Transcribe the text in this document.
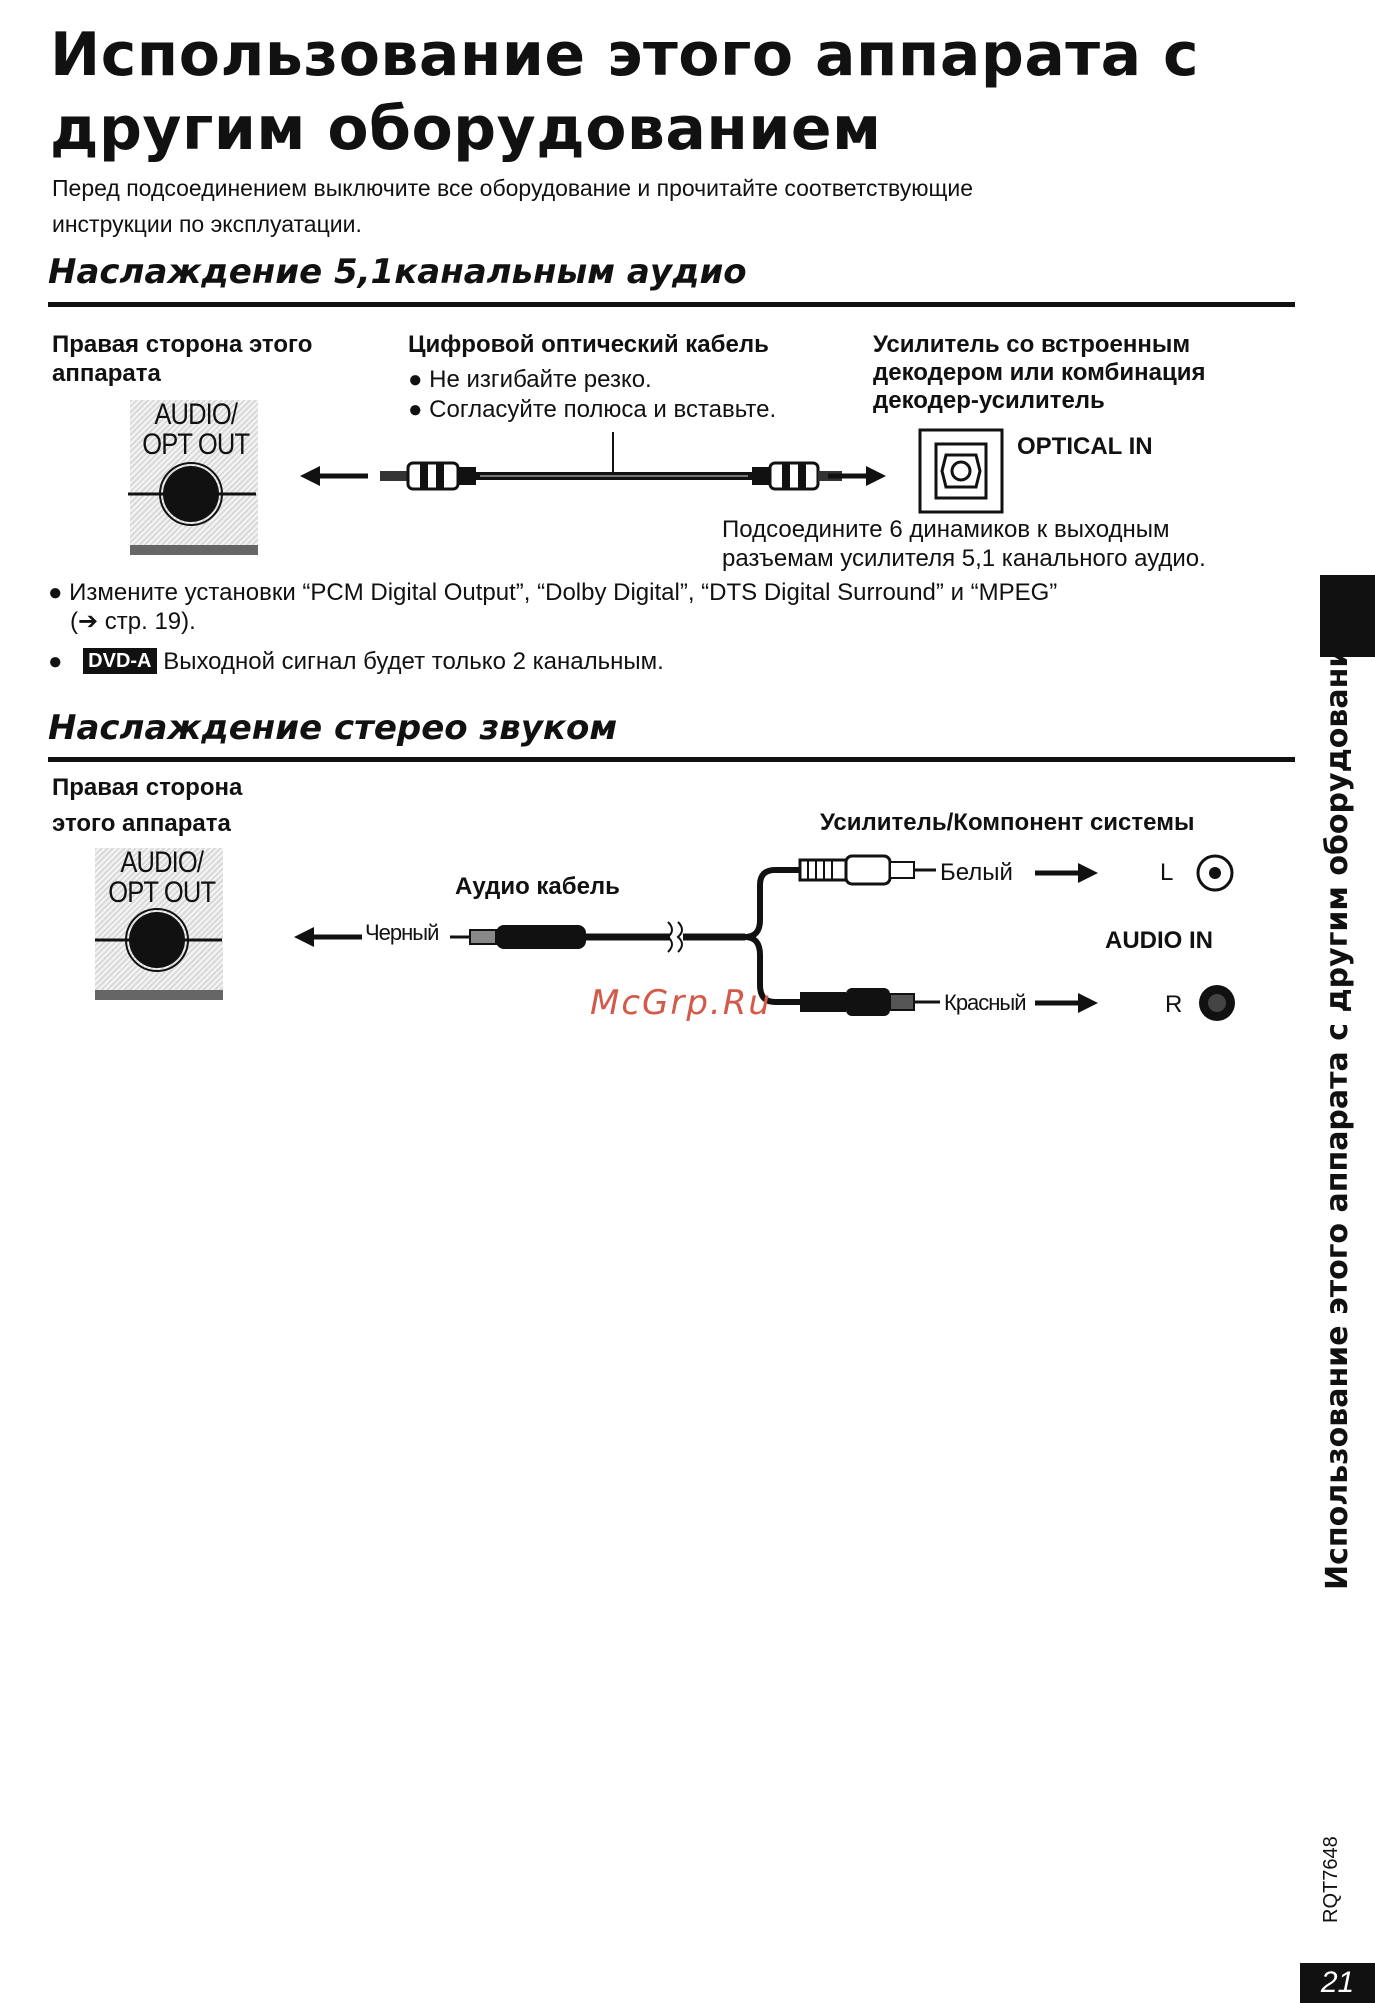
Использование этого аппарата с
другим оборудованием
Перед подсоединением выключите все оборудование и прочитайте соответствующие
инструкции по эксплуатации.
Наслаждение 5,1канальным аудио
Правая сторона этого
аппарата
AUDIO/
OPT OUT
Цифровой оптический кабель
● Не изгибайте резко.
● Согласуйте полюса и вставьте.
Усилитель со встроенным
декодером или комбинация
декодер-усилитель
OPTICAL IN
Подсоедините 6 динамиков к выходным
разъемам усилителя 5,1 канального аудио.
● Измените установки “PCM Digital Output”, “Dolby Digital”, “DTS Digital Surround” и “MPEG”
(➔ стр. 19).
● DVD-A Выходной сигнал будет только 2 канальным.
Наслаждение стерео звуком
Правая сторона
этого аппарата
AUDIO/
OPT OUT
Усилитель/Компонент системы
Аудио кабель
Черный
Белый
Красный
AUDIO IN
L
R
McGrp.Ru	Использование этого аппарата с другим оборудованием
RQT7648
21
